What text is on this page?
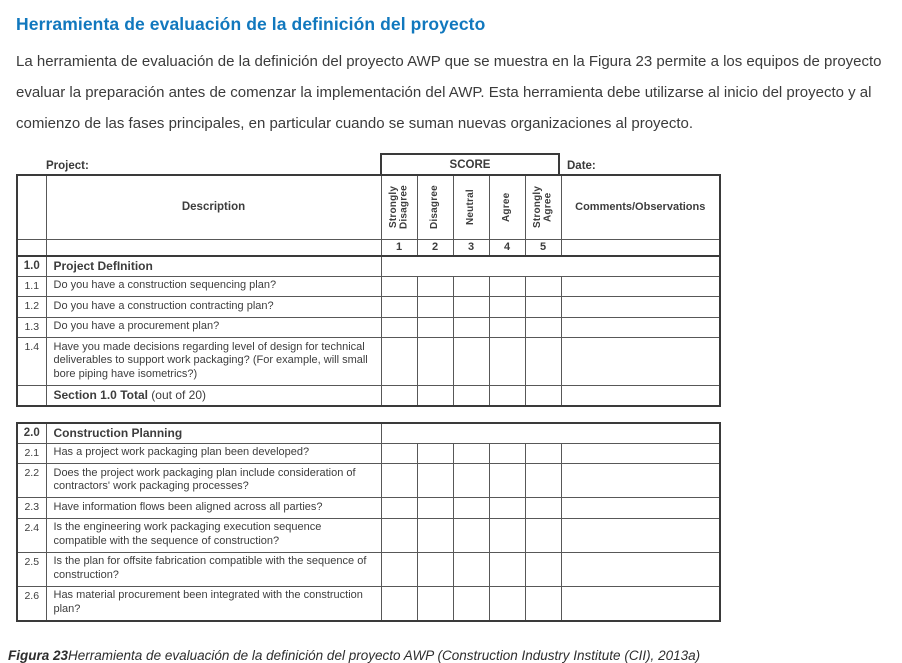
Herramienta de evaluación de la definición del proyecto

La herramienta de evaluación de la definición del proyecto AWP que se muestra en la Figura 23 permite a los equipos de proyecto evaluar la preparación antes de comenzar la implementación del AWP. Esta herramienta debe utilizarse al inicio del proyecto y al comienzo de las fases principales, en particular cuando se suman nuevas organizaciones al proyecto.

Project:	SCORE	Date:
	Description	Strongly Disagree	Disagree	Neutral	Agree	Strongly Agree	Comments/Observations
		1	2	3	4	5	
1.0	Project DefInition						
1.1	Do you have a construction sequencing plan?						
1.2	Do you have a construction contracting plan?						
1.3	Do you have a procurement plan?						
1.4	Have you made decisions regarding level of design for technical deliverables to support work packaging? (For example, will small bore piping have isometrics?)						
	Section 1.0 Total (out of 20)						
2.0	Construction Planning						
2.1	Has a project work packaging plan been developed?						
2.2	Does the project work packaging plan include consideration of contractors' work packaging processes?						
2.3	Have information flows been aligned across all parties?						
2.4	Is the engineering work packaging execution sequence compatible with the sequence of construction?						
2.5	Is the plan for offsite fabrication compatible with the sequence of construction?						
2.6	Has material procurement been integrated with the construction plan?						

Figura 23Herramienta de evaluación de la definición del proyecto AWP (Construction Industry Institute (CII), 2013a)
